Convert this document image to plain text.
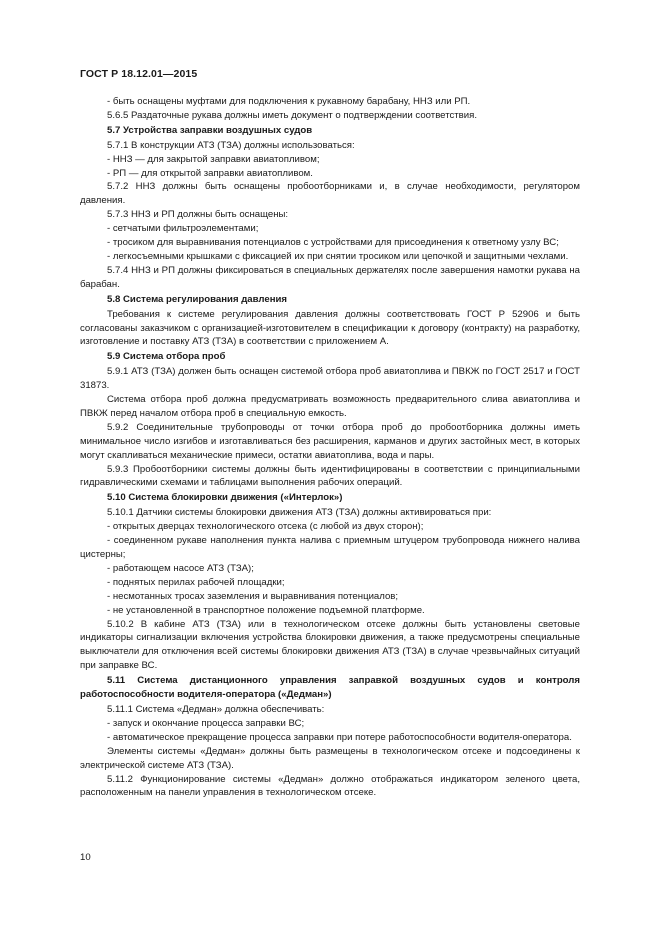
ГОСТ Р 18.12.01—2015

- быть оснащены муфтами для подключения к рукавному барабану, ННЗ или РП.

5.6.5 Раздаточные рукава должны иметь документ о подтверждении соответствия.

5.7 Устройства заправки воздушных судов

5.7.1 В конструкции АТЗ (ТЗА) должны использоваться:

- ННЗ — для закрытой заправки авиатопливом;

- РП — для открытой заправки авиатопливом.

5.7.2 ННЗ должны быть оснащены пробоотборниками и, в случае необходимости, регулятором давления.

5.7.3 ННЗ и РП должны быть оснащены:

- сетчатыми фильтроэлементами;

- тросиком для выравнивания потенциалов с устройствами для присоединения к ответному узлу ВС;

- легкосъемными крышками с фиксацией их при снятии тросиком или цепочкой и защитными чехлами.

5.7.4 ННЗ и РП должны фиксироваться в специальных держателях после завершения намотки рукава на барабан.

5.8 Система регулирования давления

Требования к системе регулирования давления должны соответствовать ГОСТ Р 52906 и быть согласованы заказчиком с организацией-изготовителем в спецификации к договору (контракту) на разработку, изготовление и поставку АТЗ (ТЗА) в соответствии с приложением А.

5.9 Система отбора проб

5.9.1 АТЗ (ТЗА) должен быть оснащен системой отбора проб авиатоплива и ПВКЖ по ГОСТ 2517 и ГОСТ 31873.

Система отбора проб должна предусматривать возможность предварительного слива авиатоплива и ПВКЖ перед началом отбора проб в специальную емкость.

5.9.2 Соединительные трубопроводы от точки отбора проб до пробоотборника должны иметь минимальное число изгибов и изготавливаться без расширения, карманов и других застойных мест, в которых могут скапливаться механические примеси, остатки авиатоплива, вода и пары.

5.9.3 Пробоотборники системы должны быть идентифицированы в соответствии с принципиальными гидравлическими схемами и таблицами выполнения рабочих операций.

5.10 Система блокировки движения («Интерлок»)

5.10.1 Датчики системы блокировки движения АТЗ (ТЗА) должны активироваться при:

- открытых дверцах технологического отсека (с любой из двух сторон);

- соединенном рукаве наполнения пункта налива с приемным штуцером трубопровода нижнего налива цистерны;

- работающем насосе АТЗ (ТЗА);

- поднятых перилах рабочей площадки;

- несмотанных тросах заземления и выравнивания потенциалов;

- не установленной в транспортное положение подъемной платформе.

5.10.2 В кабине АТЗ (ТЗА) или в технологическом отсеке должны быть установлены световые индикаторы сигнализации включения устройства блокировки движения, а также предусмотрены специальные выключатели для отключения всей системы блокировки движения АТЗ (ТЗА) в случае чрезвычайных ситуаций при заправке ВС.

5.11 Система дистанционного управления заправкой воздушных судов и контроля работоспособности водителя-оператора («Дедман»)

5.11.1 Система «Дедман» должна обеспечивать:

- запуск и окончание процесса заправки ВС;

- автоматическое прекращение процесса заправки при потере работоспособности водителя-оператора.

Элементы системы «Дедман» должны быть размещены в технологическом отсеке и подсоединены к электрической системе АТЗ (ТЗА).

5.11.2 Функционирование системы «Дедман» должно отображаться индикатором зеленого цвета, расположенным на панели управления в технологическом отсеке.

10
